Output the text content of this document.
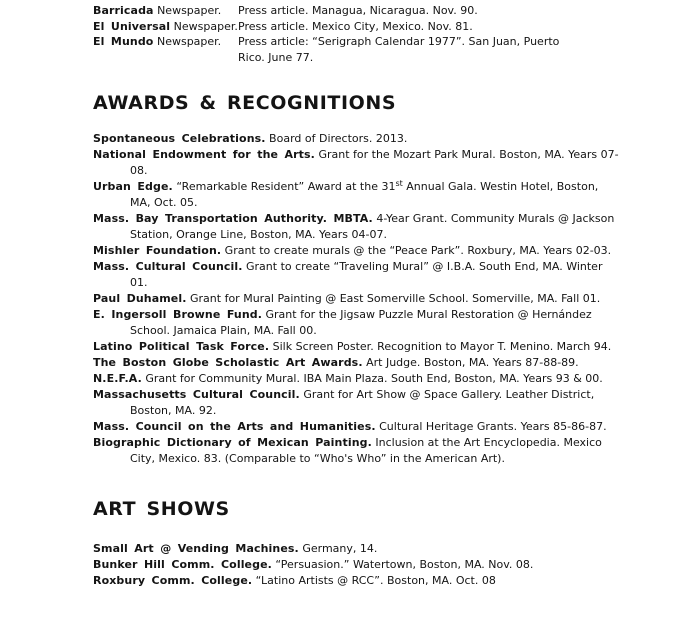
Barricada Newspaper.	Press article. Managua, Nicaragua. Nov. 90.
El Universal Newspaper. Press article. Mexico City, Mexico. Nov. 81.
El Mundo Newspaper.	Press article: “Serigraph Calendar 1977”. San Juan, Puerto Rico. June 77.
AWARDS & RECOGNITIONS

Spontaneous Celebrations. Board of Directors. 2013.

National Endowment for the Arts. Grant for the Mozart Park Mural. Boston, MA. Years 07-08.

Urban Edge. “Remarkable Resident” Award at the 31st Annual Gala. Westin Hotel, Boston, MA, Oct. 05.

Mass. Bay Transportation Authority. MBTA. 4-Year Grant. Community Murals @ Jackson Station, Orange Line, Boston, MA. Years 04-07.

Mishler Foundation. Grant to create murals @ the “Peace Park”. Roxbury, MA. Years 02-03.

Mass. Cultural Council. Grant to create “Traveling Mural” @ I.B.A. South End, MA. Winter 01.

Paul Duhamel. Grant for Mural Painting @ East Somerville School. Somerville, MA. Fall 01.

E. Ingersoll Browne Fund. Grant for the Jigsaw Puzzle Mural Restoration @ Hernández School. Jamaica Plain, MA. Fall 00.

Latino Political Task Force. Silk Screen Poster. Recognition to Mayor T. Menino. March 94.

The Boston Globe Scholastic Art Awards. Art Judge. Boston, MA. Years 87-88-89.

N.E.F.A. Grant for Community Mural. IBA Main Plaza. South End, Boston, MA. Years 93 & 00.

Massachusetts Cultural Council. Grant for Art Show @ Space Gallery. Leather District, Boston, MA. 92.

Mass. Council on the Arts and Humanities. Cultural Heritage Grants. Years 85-86-87.

Biographic Dictionary of Mexican Painting. Inclusion at the Art Encyclopedia. Mexico City, Mexico. 83. (Comparable to “Who's Who” in the American Art).

ART SHOWS

Small Art @ Vending Machines. Germany, 14.

Bunker Hill Comm. College. “Persuasion.” Watertown, Boston, MA. Nov. 08.

Roxbury Comm. College. “Latino Artists @ RCC”. Boston, MA. Oct. 08
